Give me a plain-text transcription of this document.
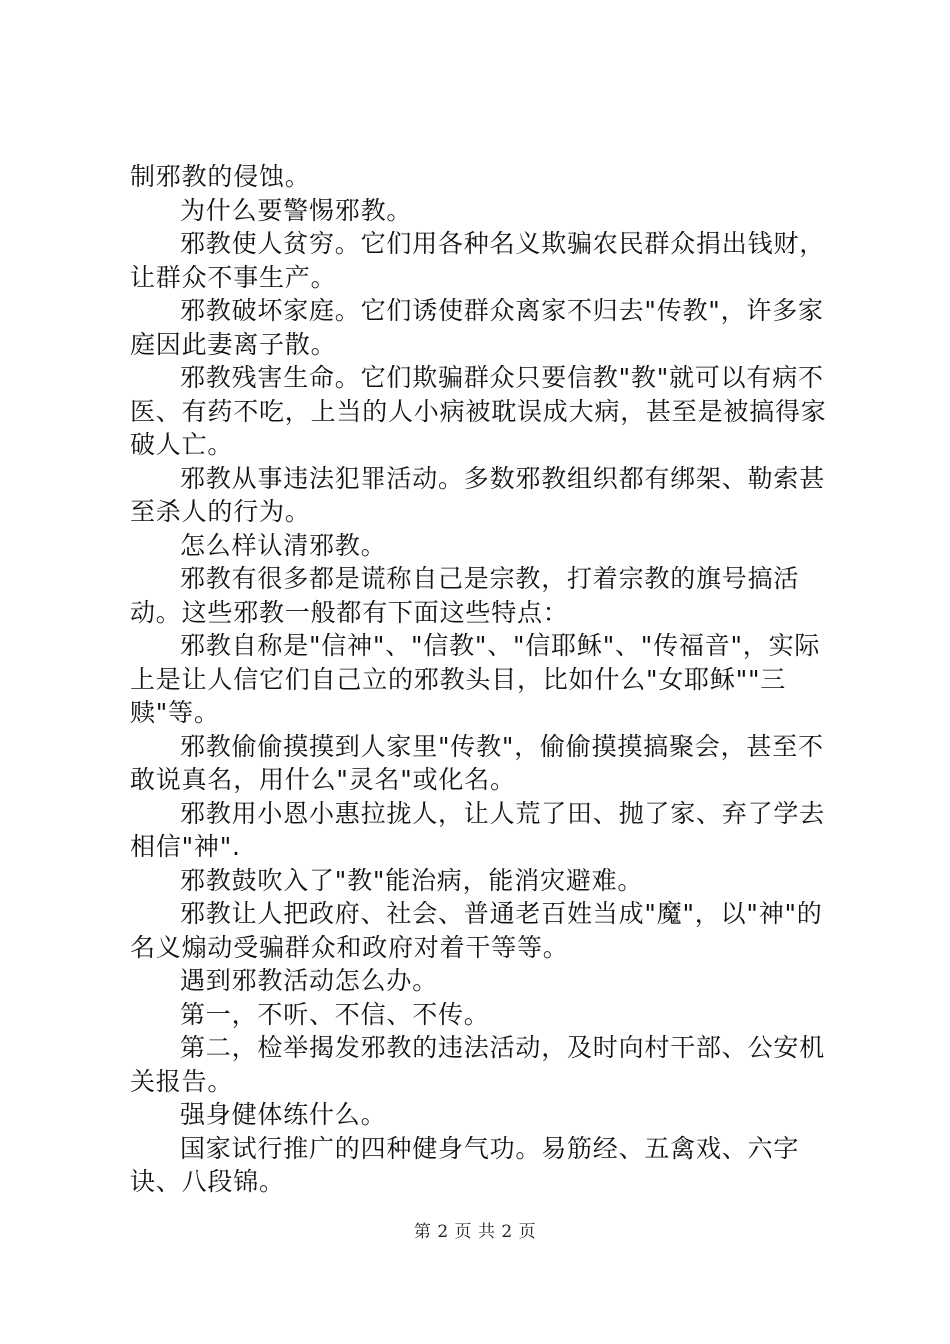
制邪教的侵蚀。

为什么要警惕邪教。

邪教使人贫穷。它们用各种名义欺骗农民群众捐出钱财，让群众不事生产。

邪教破坏家庭。它们诱使群众离家不归去"传教"，许多家庭因此妻离子散。

邪教残害生命。它们欺骗群众只要信教"教"就可以有病不医、有药不吃，上当的人小病被耽误成大病，甚至是被搞得家破人亡。

邪教从事违法犯罪活动。多数邪教组织都有绑架、勒索甚至杀人的行为。

怎么样认清邪教。

邪教有很多都是谎称自己是宗教，打着宗教的旗号搞活动。这些邪教一般都有下面这些特点：

邪教自称是"信神"、"信教"、"信耶稣"、"传福音"，实际上是让人信它们自己立的邪教头目，比如什么"女耶稣""三赎"等。

邪教偷偷摸摸到人家里"传教"，偷偷摸摸搞聚会，甚至不敢说真名，用什么"灵名"或化名。

邪教用小恩小惠拉拢人，让人荒了田、抛了家、弃了学去相信"神".

邪教鼓吹入了"教"能治病，能消灾避难。

邪教让人把政府、社会、普通老百姓当成"魔"，以"神"的名义煽动受骗群众和政府对着干等等。

遇到邪教活动怎么办。

第一，不听、不信、不传。

第二，检举揭发邪教的违法活动，及时向村干部、公安机关报告。

强身健体练什么。

国家试行推广的四种健身气功。易筋经、五禽戏、六字诀、八段锦。

第 2 页 共 2 页
